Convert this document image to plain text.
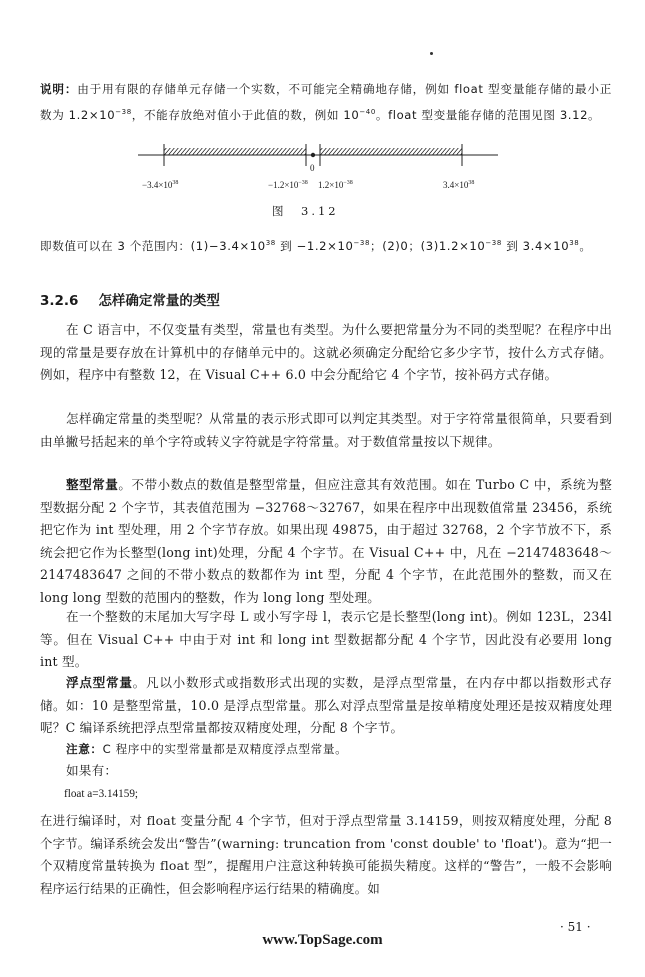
说明：由于用有限的存储单元存储一个实数，不可能完全精确地存储，例如 float 型变量能存储的最小正数为 $1.2\times 10^{-38}$，不能存放绝对值小于此值的数，例如 $10^{-40}$。float 型变量能存储的范围见图 3.12。
0
$-3.4\times 10^{38}$	$-1.2\times 10^{-38}$ $1.2\times 10^{-38}$	$3.4\times 10^{38}$
图　3.12
即数值可以在 3 个范围内：$(1)-3.4\times 10^{38}$ 到 $-1.2\times 10^{-38}$；(2)0；$(3)1.2\times 10^{-38}$ 到 $3.4\times 10^{38}$。
3.2.6 怎样确定常量的类型
在 C 语言中，不仅变量有类型，常量也有类型。为什么要把常量分为不同的类型呢？在程序中出现的常量是要存放在计算机中的存储单元中的。这就必须确定分配给它多少字节，按什么方式存储。例如，程序中有整数 12，在 Visual C++ 6.0 中会分配给它 4 个字节，按补码方式存储。
怎样确定常量的类型呢？从常量的表示形式即可以判定其类型。对于字符常量很简单，只要看到由单撇号括起来的单个字符或转义字符就是字符常量。对于数值常量按以下规律。
整型常量。不带小数点的数值是整型常量，但应注意其有效范围。如在 Turbo C 中，系统为整型数据分配 2 个字节，其表值范围为 −32768～32767，如果在程序中出现数值常量 23456，系统把它作为 int 型处理，用 2 个字节存放。如果出现 49875，由于超过 32768，2 个字节放不下，系统会把它作为长整型(long int)处理，分配 4 个字节。在 Visual C++ 中，凡在 −2147483648～2147483647 之间的不带小数点的数都作为 int 型，分配 4 个字节，在此范围外的整数，而又在 long long 型数的范围内的整数，作为 long long 型处理。
在一个整数的末尾加大写字母 L 或小写字母 l，表示它是长整型(long int)。例如 123L，234l 等。但在 Visual C++ 中由于对 int 和 long int 型数据都分配 4 个字节，因此没有必要用 long int 型。
浮点型常量。凡以小数形式或指数形式出现的实数，是浮点型常量，在内存中都以指数形式存储。如：10 是整型常量，10.0 是浮点型常量。那么对浮点型常量是按单精度处理还是按双精度处理呢？C 编译系统把浮点型常量都按双精度处理，分配 8 个字节。
注意：C 程序中的实型常量都是双精度浮点型常量。
如果有：
float a=3.14159;
在进行编译时，对 float 变量分配 4 个字节，但对于浮点型常量 3.14159，则按双精度处理，分配 8 个字节。编译系统会发出“警告”(warning: truncation from 'const double' to 'float')。意为“把一个双精度常量转换为 float 型”，提醒用户注意这种转换可能损失精度。这样的“警告”，一般不会影响程序运行结果的正确性，但会影响程序运行结果的精确度。如
· 51 ·
www.TopSage.com
